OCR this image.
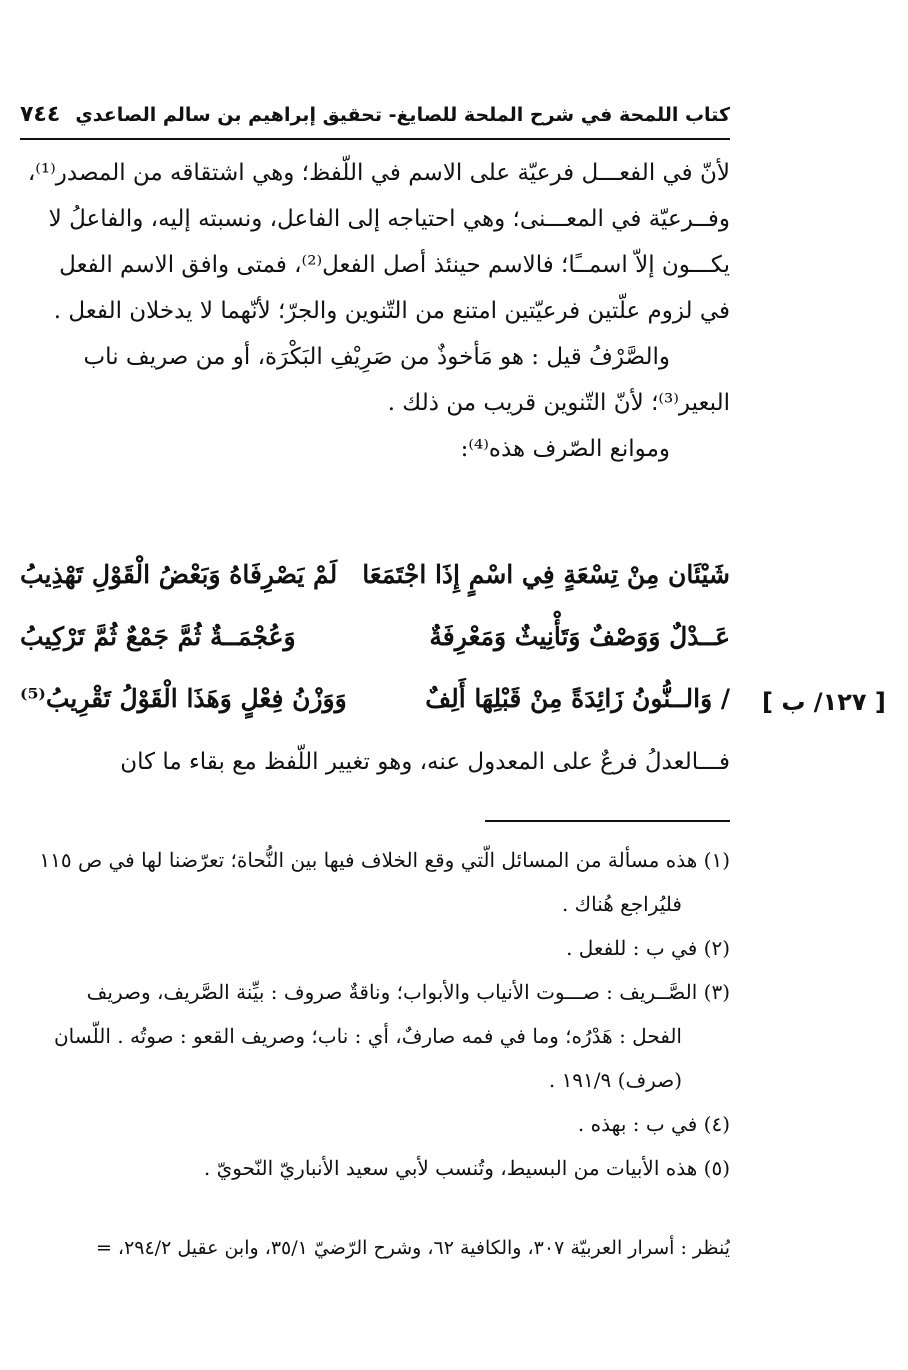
كتاب اللمحة في شرح الملحة للصايغ- تحقيق إبراهيم بن سالم الصاعدي
٧٤٤

لأنّ في الفعـــل فرعيّة على الاسم في اللّفظ؛ وهي اشتقاقه من المصدر⁽¹⁾،

وفــرعيّة في المعـــنى؛ وهي احتياجه إلى الفاعل، ونسبته إليه، والفاعلُ لا

يكـــون إلاّ اسمــًا؛ فالاسم حينئذ أصل الفعل⁽²⁾، فمتى وافق الاسم الفعل

في لزوم علّتين فرعيّتين امتنع من التّنوين والجرّ؛ لأنّهما لا يدخلان الفعل .

والصَّرْفُ قيل : هو مَأخوذٌ من صَرِيْفِ البَكْرَة، أو من صريف ناب

البعير⁽³⁾؛ لأنّ التّنوين قريب من ذلك .

وموانع الصّرف هذه⁽⁴⁾:

شَيْئَان مِنْ تِسْعَةٍ فِي اسْمٍ إِذَا اجْتَمَعَا
لَمْ يَصْرِفَاهُ وَبَعْضُ الْقَوْلِ تَهْذِيبُ
عَــدْلٌ وَوَصْفٌ وَتَأْنِيثٌ وَمَعْرِفَةٌ
وَعُجْمَــةٌ ثُمَّ جَمْعٌ ثُمَّ تَرْكِيبُ
/ وَالــنُّونُ زَائِدَةً مِنْ قَبْلِهَا أَلِفٌ
وَوَزْنُ فِعْلٍ وَهَذَا الْقَوْلُ تَقْرِيبُ⁽⁵⁾	[ ١٢٧/ ب ]
فـــالعدلُ فرعٌ على المعدول عنه، وهو تغيير اللّفظ مع بقاء ما كان

(١) هذه مسألة من المسائل الّتي وقع الخلاف فيها بين النُّحاة؛ تعرّضنا لها في ص ١١٥

فليُراجع هُناك .

(٢) في ب : للفعل .

(٣) الصَّــريف : صـــوت الأنياب والأبواب؛ وناقةٌ صروف : بيِّنة الصَّريف، وصريف

الفحل : هَدْرُه؛ وما في فمه صارفٌ، أي : ناب؛ وصريف القعو : صوتُه . اللّسان

(صرف) ١٩١/٩ .

(٤) في ب : بهذه .

(٥) هذه الأبيات من البسيط، وتُنسب لأبي سعيد الأنباريّ النّحويّ .

يُنظر : أسرار العربيّة ٣٠٧، والكافية ٦٢، وشرح الرّضيّ ٣٥/١، وابن عقيل ٢٩٤/٢، =
